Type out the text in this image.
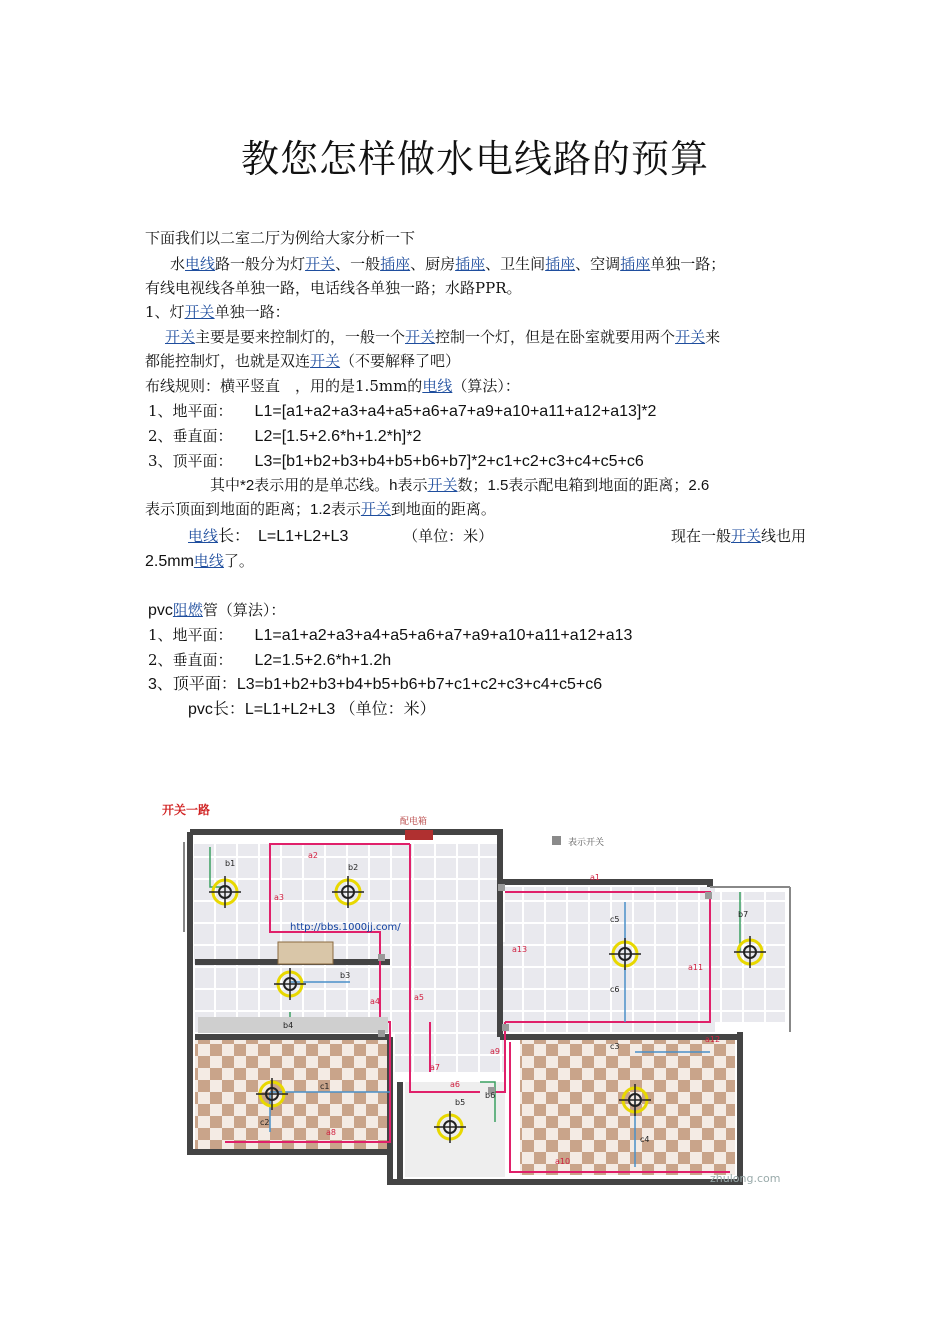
教您怎样做水电线路的预算
下面我们以二室二厅为例给大家分析一下
水电线路一般分为灯开关、一般插座、厨房插座、卫生间插座、空调插座单独一路；
有线电视线各单独一路，电话线各单独一路；水路PPR。
1、灯开关单独一路：
开关主要是要来控制灯的，一般一个开关控制一个灯，但是在卧室就要用两个开关来
都能控制灯，也就是双连开关（不要解释了吧）
布线规则：横平竖直　，用的是1.5mm的电线（算法）：
1、地平面： L1=[a1+a2+a3+a4+a5+a6+a7+a9+a10+a11+a12+a13]*2
2、垂直面： L2=[1.5+2.6*h+1.2*h]*2
3、顶平面： L3=[b1+b2+b3+b4+b5+b6+b7]*2+c1+c2+c3+c4+c5+c6
其中*2表示用的是单芯线。h表示开关数；1.5表示配电箱到地面的距离；2.6
表示顶面到地面的距离；1.2表示开关到地面的距离。
电线长：　L=L1+L2+L3	（单位：米）	现在一般开关线也用
2.5mm电线了。
pvc阻燃管（算法）：
1、地平面： L1=a1+a2+a3+a4+a5+a6+a7+a9+a10+a11+a12+a13
2、垂直面： L2=1.5+2.6*h+1.2h
3、顶平面：L3=b1+b2+b3+b4+b5+b6+b7+c1+c2+c3+c4+c5+c6
pvc长：L=L1+L2+L3 （单位：米）
开关一路
配电箱
表示开关
http://bbs.1000jj.com/
zhulong.com
a2
a3
a4	a5
a7
a9
a10
a11
a13
a8
a6
a1
a12
b1	b2
b3
b4
b5
b6
b7
c1
c2
c3
c4
c5
c6
